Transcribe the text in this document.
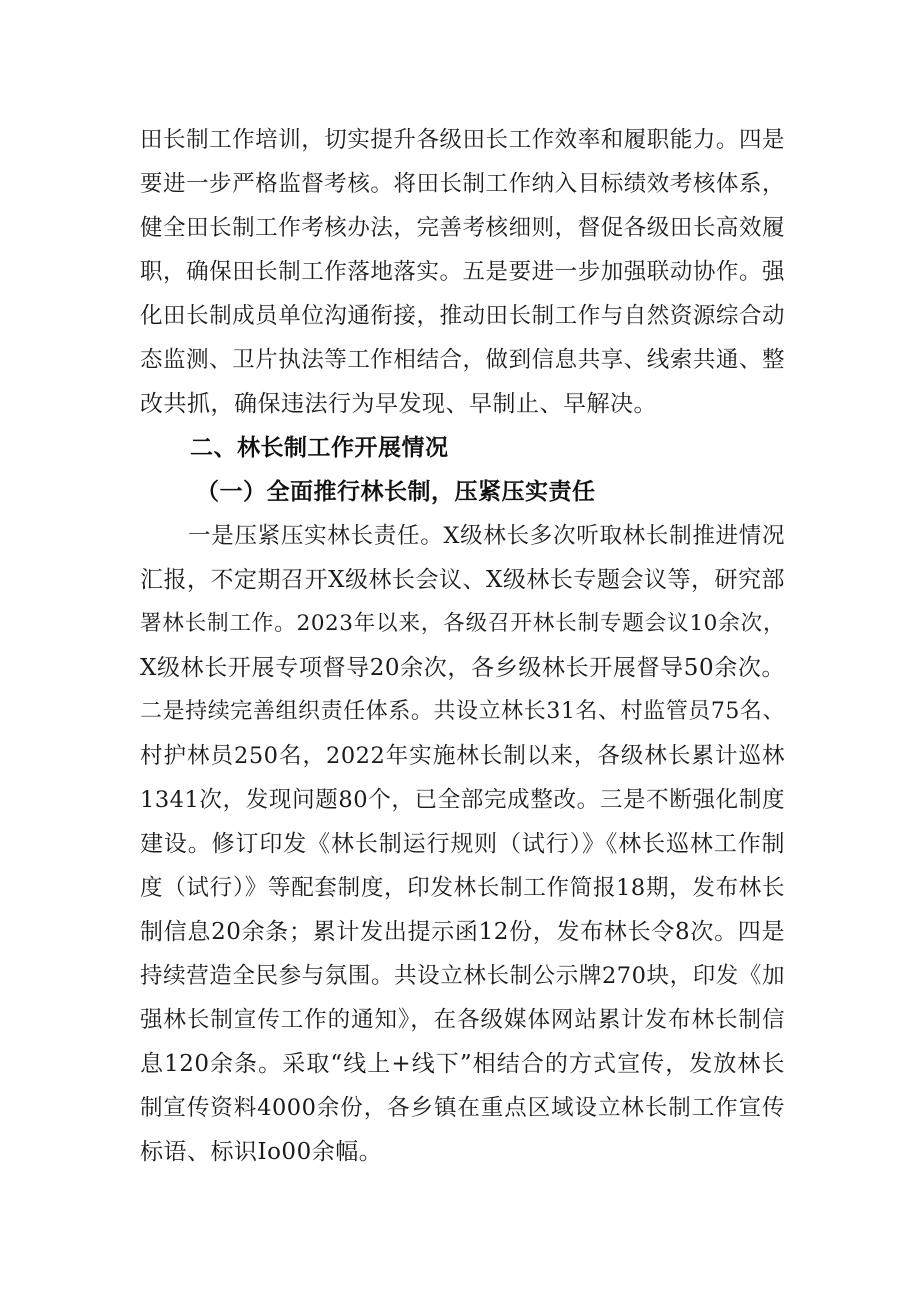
田长制工作培训，切实提升各级田长工作效率和履职能力。四是
要进一步严格监督考核。将田长制工作纳入目标绩效考核体系，
健全田长制工作考核办法，完善考核细则，督促各级田长高效履
职，确保田长制工作落地落实。五是要进一步加强联动协作。强
化田长制成员单位沟通衔接，推动田长制工作与自然资源综合动
态监测、卫片执法等工作相结合，做到信息共享、线索共通、整
改共抓，确保违法行为早发现、早制止、早解决。
二、林长制工作开展情况
（一）全面推行林长制，压紧压实责任
一是压紧压实林长责任。X级林长多次听取林长制推进情况
汇报，不定期召开X级林长会议、X级林长专题会议等，研究部
署林长制工作。2023年以来，各级召开林长制专题会议10余次，
X级林长开展专项督导20余次，各乡级林长开展督导50余次。
二是持续完善组织责任体系。共设立林长31名、村监管员75名、
村护林员250名，2022年实施林长制以来，各级林长累计巡林
1341次，发现问题80个，已全部完成整改。三是不断强化制度
建设。修订印发《林长制运行规则（试行）》《林长巡林工作制
度（试行）》等配套制度，印发林长制工作简报18期，发布林长
制信息20余条；累计发出提示函12份，发布林长令8次。四是
持续营造全民参与氛围。共设立林长制公示牌270块，印发《加
强林长制宣传工作的通知》，在各级媒体网站累计发布林长制信
息120余条。采取“线上+线下”相结合的方式宣传，发放林长
制宣传资料4000余份，各乡镇在重点区域设立林长制工作宣传
标语、标识Io00余幅。
